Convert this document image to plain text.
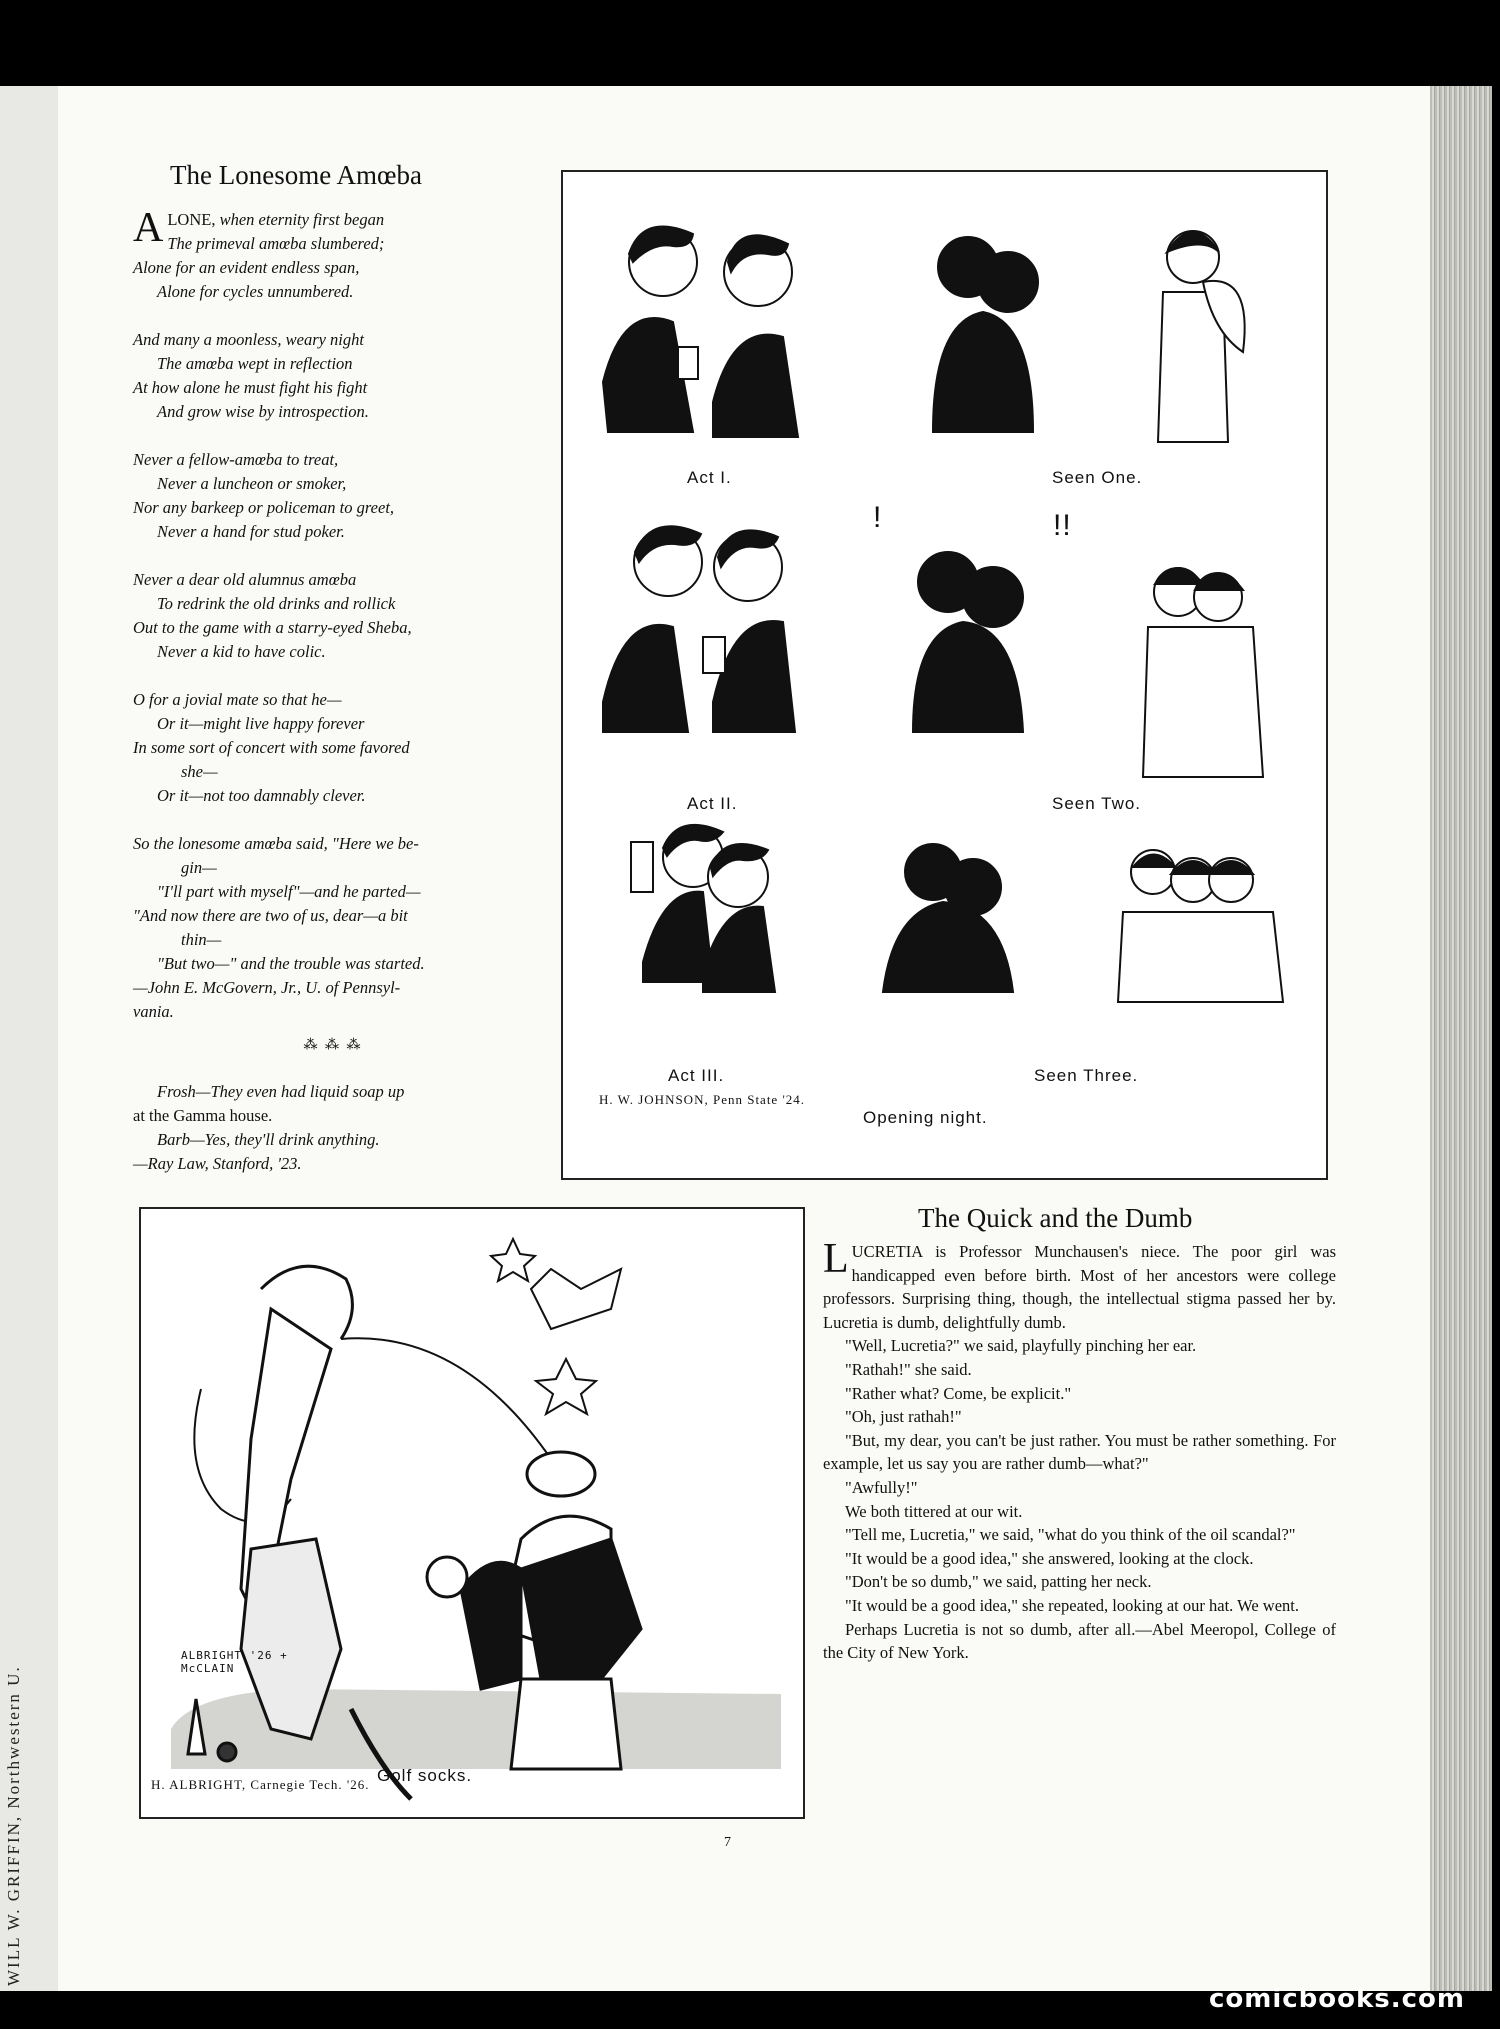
WILL W. GRIFFIN, Northwestern U.
The Lonesome Amœba
A LONE, when eternity first began
The primeval amœba slumbered;
Alone for an evident endless span,
Alone for cycles unnumbered.
And many a moonless, weary night
The amœba wept in reflection
At how alone he must fight his fight
And grow wise by introspection.
Never a fellow-amœba to treat,
Never a luncheon or smoker,
Nor any barkeep or policeman to greet,
Never a hand for stud poker.
Never a dear old alumnus amœba
To redrink the old drinks and rollick
Out to the game with a starry-eyed Sheba,
Never a kid to have colic.
O for a jovial mate so that he—
Or it—might live happy forever
In some sort of concert with some favored
she—
Or it—not too damnably clever.
So the lonesome amœba said, "Here we be-
gin—
"I'll part with myself"—and he parted—
"And now there are two of us, dear—a bit
thin—
"But two—" and the trouble was started.
—John E. McGovern, Jr., U. of Pennsyl-
vania.
⁂ ⁂ ⁂
Frosh—They even had liquid soap up
at the Gamma house.
Barb—Yes, they'll drink anything.
—Ray Law, Stanford, '23.
!	!!
Act I.	Seen One.
Act II.	Seen Two.
Act III.	Seen Three.
H. W. JOHNSON, Penn State '24.
Opening night.
ALBRIGHT '26 + McCLAIN
H. ALBRIGHT, Carnegie Tech. '26. Golf socks.
The Quick and the Dumb

LUCRETIA is Professor Munchausen's niece. The poor girl was handicapped even before birth. Most of her ancestors were college professors. Surprising thing, though, the intellectual stigma passed her by. Lucretia is dumb, delightfully dumb.

"Well, Lucretia?" we said, playfully pinching her ear.

"Rathah!" she said.

"Rather what? Come, be explicit."

"Oh, just rathah!"

"But, my dear, you can't be just rather. You must be rather something. For example, let us say you are rather dumb—what?"

"Awfully!"

We both tittered at our wit.

"Tell me, Lucretia," we said, "what do you think of the oil scandal?"

"It would be a good idea," she answered, looking at the clock.

"Don't be so dumb," we said, patting her neck.

"It would be a good idea," she repeated, looking at our hat. We went.

Perhaps Lucretia is not so dumb, after all.—Abel Meeropol, College of the City of New York.

7
comicbooks.com
